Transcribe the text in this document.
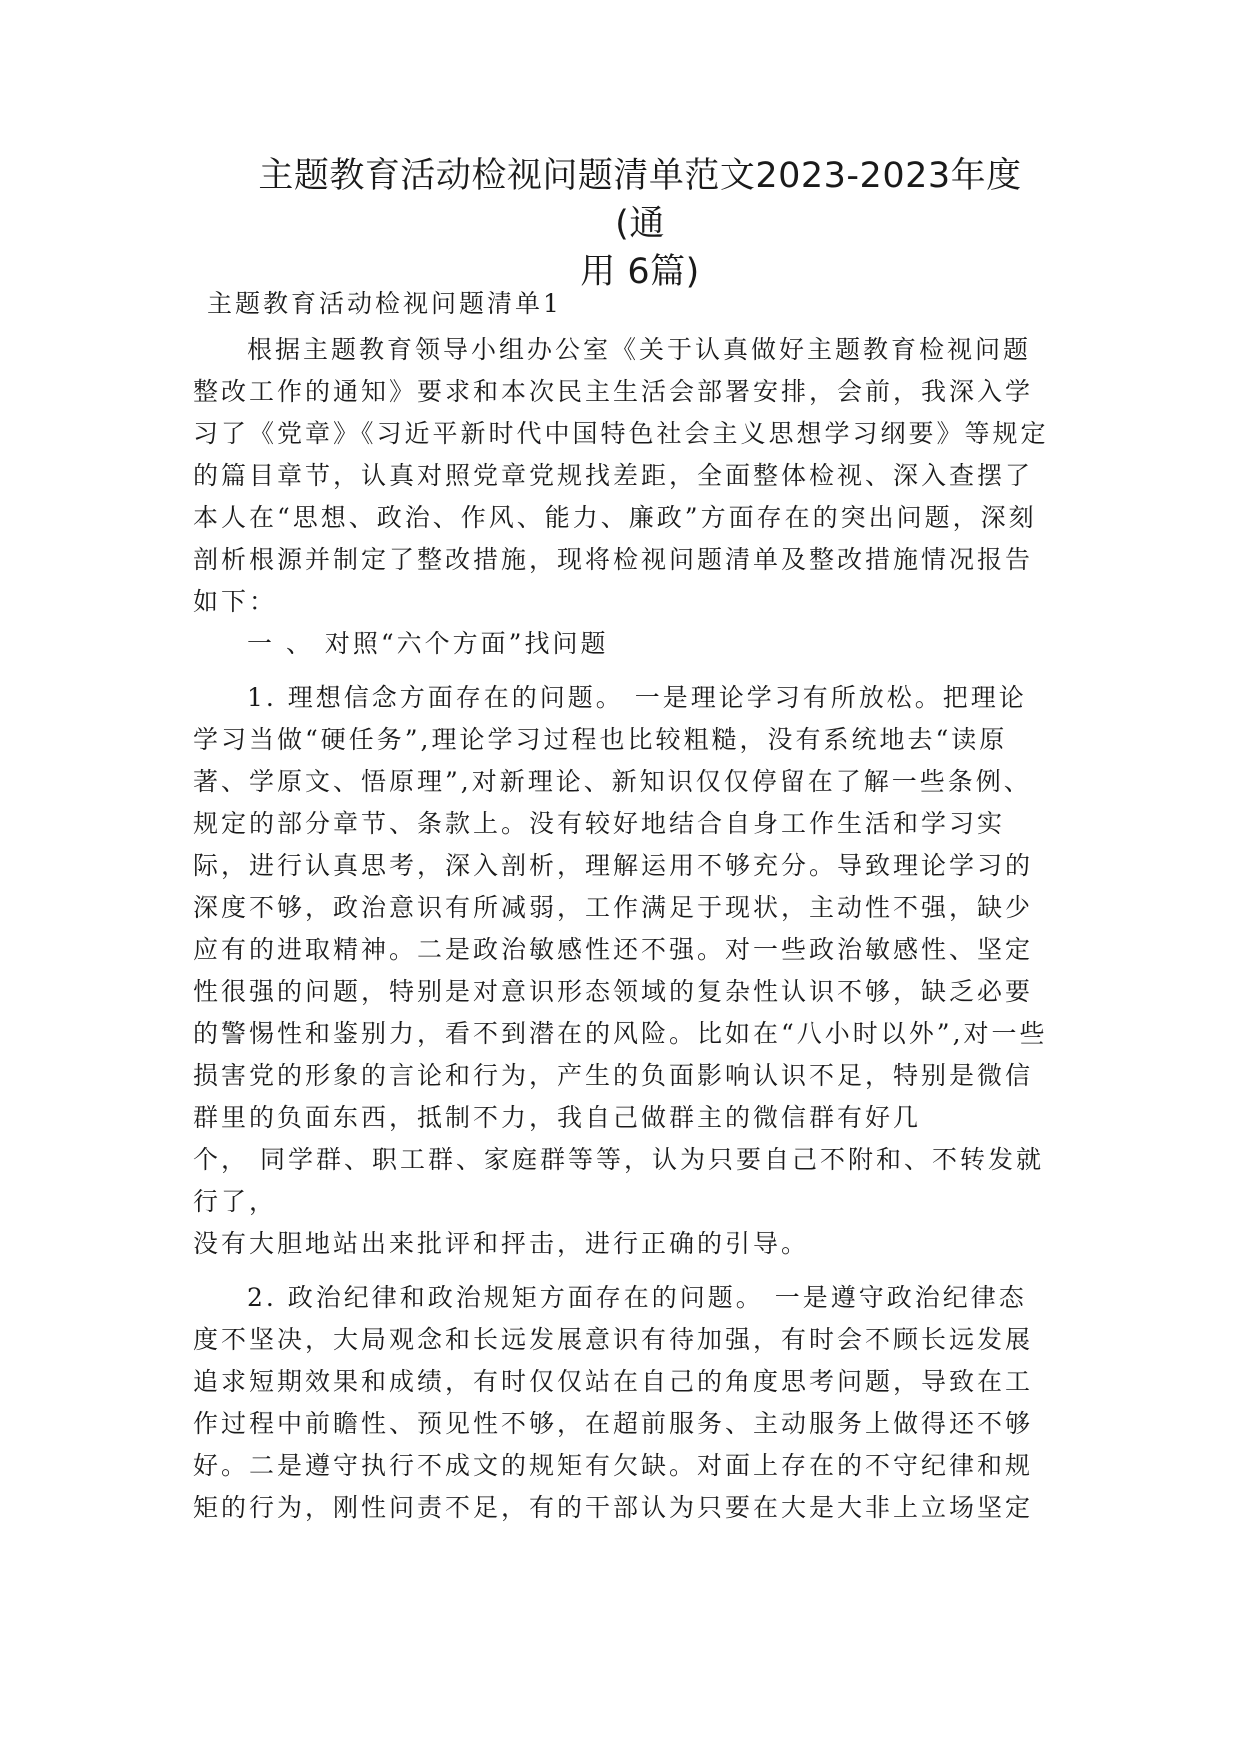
主题教育活动检视问题清单范文2023-2023年度(通
用 6篇)

主题教育活动检视问题清单1

根据主题教育领导小组办公室《关于认真做好主题教育检视问题整改工作的通知》要求和本次民主生活会部署安排，会前，我深入学习了《党章》《习近平新时代中国特色社会主义思想学习纲要》等规定的篇目章节，认真对照党章党规找差距，全面整体检视、深入查摆了本人在“思想、政治、作风、能力、廉政”方面存在的突出问题，深刻剖析根源并制定了整改措施，现将检视问题清单及整改措施情况报告如下：

一 、 对照“六个方面”找问题

1. 理想信念方面存在的问题。 一是理论学习有所放松。把理论学习当做“硬任务”,理论学习过程也比较粗糙，没有系统地去“读原著、学原文、悟原理”,对新理论、新知识仅仅停留在了解一些条例、规定的部分章节、条款上。没有较好地结合自身工作生活和学习实际，进行认真思考，深入剖析，理解运用不够充分。导致理论学习的深度不够，政治意识有所减弱，工作满足于现状，主动性不强，缺少应有的进取精神。二是政治敏感性还不强。对一些政治敏感性、坚定性很强的问题，特别是对意识形态领域的复杂性认识不够，缺乏必要的警惕性和鉴别力，看不到潜在的风险。比如在“八小时以外”,对一些损害党的形象的言论和行为，产生的负面影响认识不足，特别是微信群里的负面东西，抵制不力，我自己做群主的微信群有好几

个， 同学群、职工群、家庭群等等，认为只要自己不附和、不转发就行了，

没有大胆地站出来批评和抨击，进行正确的引导。

2. 政治纪律和政治规矩方面存在的问题。 一是遵守政治纪律态度不坚决，大局观念和长远发展意识有待加强，有时会不顾长远发展追求短期效果和成绩，有时仅仅站在自己的角度思考问题，导致在工作过程中前瞻性、预见性不够，在超前服务、主动服务上做得还不够好。二是遵守执行不成文的规矩有欠缺。对面上存在的不守纪律和规矩的行为，刚性问责不足，有的干部认为只要在大是大非上立场坚定
